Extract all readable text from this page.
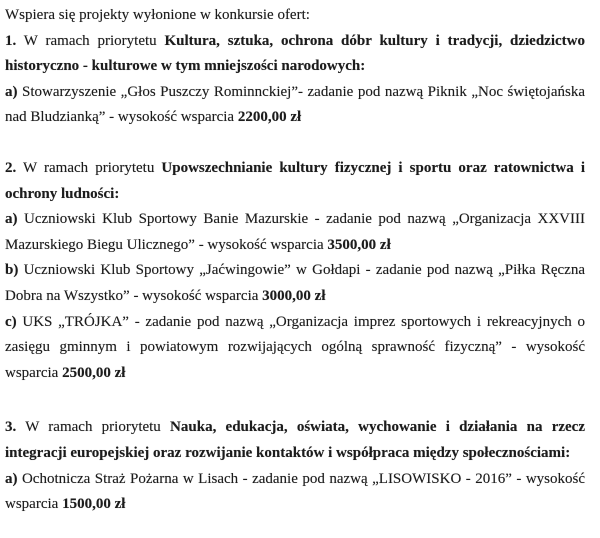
Wspiera się projekty wyłonione w konkursie ofert:

1. W ramach priorytetu Kultura, sztuka, ochrona dóbr kultury i tradycji, dziedzictwo historyczno - kulturowe w tym mniejszości narodowych:

a) Stowarzyszenie „Głos Puszczy Rominnckiej”- zadanie pod nazwą Piknik „Noc świętojańska nad Bludzianką” - wysokość wsparcia 2200,00 zł

2. W ramach priorytetu Upowszechnianie kultury fizycznej i sportu oraz ratownictwa i ochrony ludności:

a) Uczniowski Klub Sportowy Banie Mazurskie - zadanie pod nazwą „Organizacja XXVIII Mazurskiego Biegu Ulicznego” - wysokość wsparcia 3500,00 zł

b) Uczniowski Klub Sportowy „Jaćwingowie” w Gołdapi - zadanie pod nazwą „Piłka Ręczna Dobra na Wszystko” - wysokość wsparcia 3000,00 zł

c) UKS „TRÓJKA” - zadanie pod nazwą „Organizacja imprez sportowych i rekreacyjnych o zasięgu gminnym i powiatowym rozwijających ogólną sprawność fizyczną” - wysokość wsparcia 2500,00 zł

3. W ramach priorytetu Nauka, edukacja, oświata, wychowanie i działania na rzecz integracji europejskiej oraz rozwijanie kontaktów i współpraca między społecznościami:

a) Ochotnicza Straż Pożarna w Lisach - zadanie pod nazwą „LISOWISKO - 2016” - wysokość wsparcia 1500,00 zł
